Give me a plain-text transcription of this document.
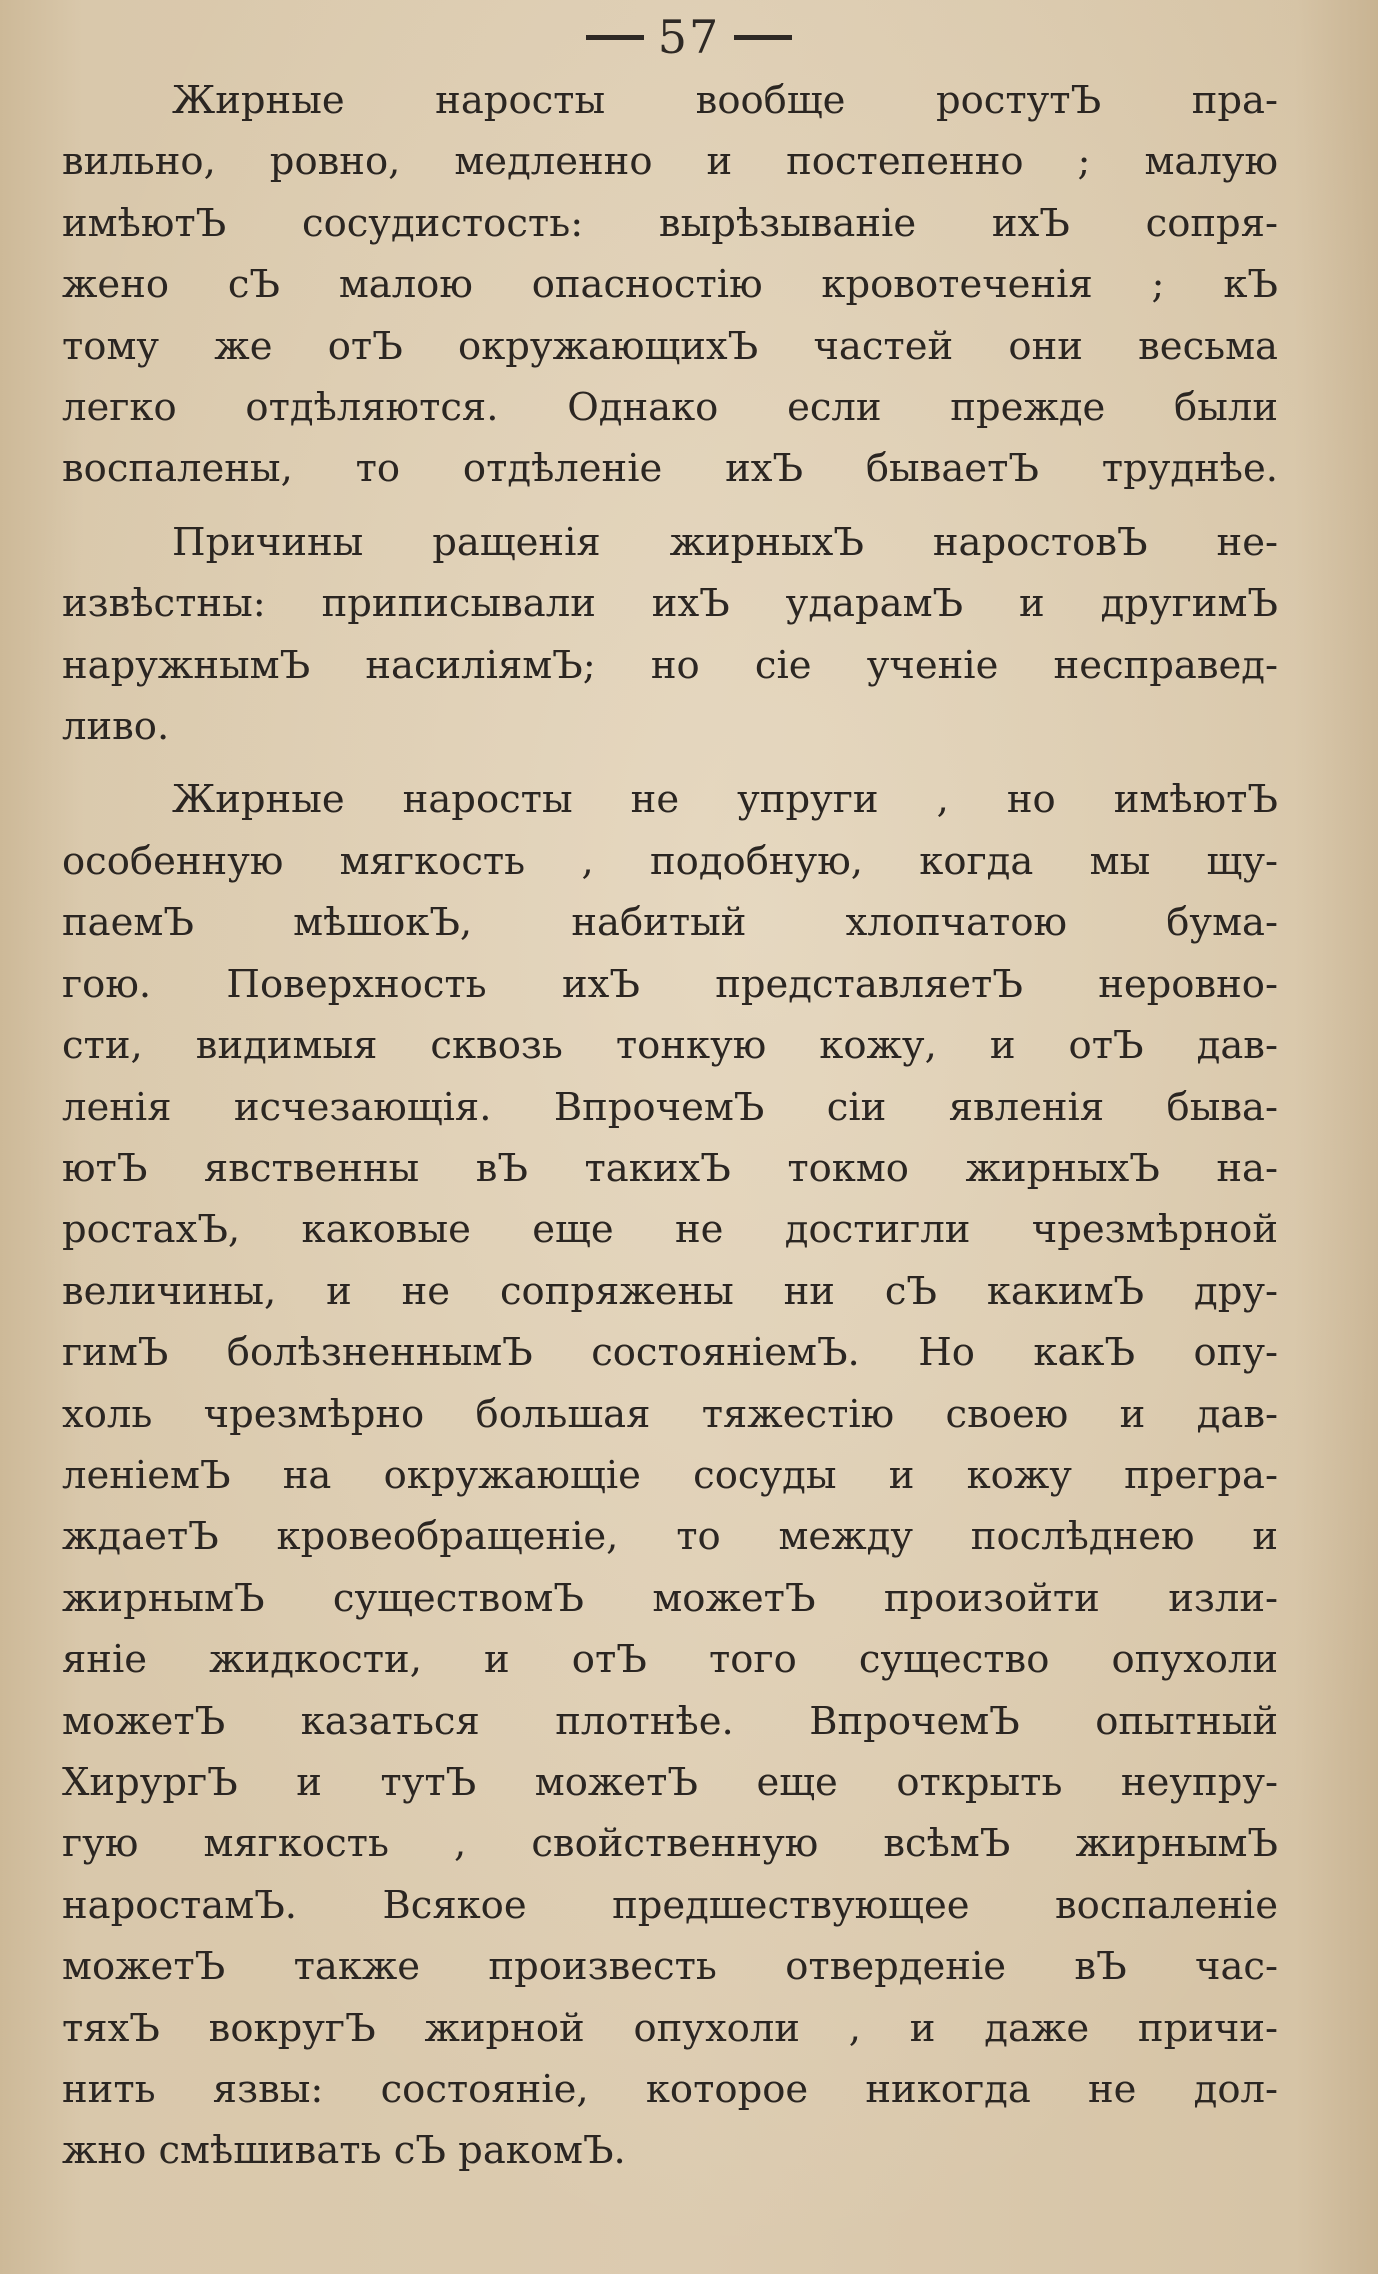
57

Жирные наросты вообще ростутЪ пра-
вильно, ровно, медленно и постепенно ; малую
имѣютЪ сосудистость: вырѣзываніе ихЪ сопря-
жено сЪ малою опасностію кровотеченія ; кЪ
тому же отЪ окружающихЪ частей они весьма
легко отдѣляются. Однако если прежде были
воспалены, то отдѣленіе ихЪ бываетЪ труднѣе.

Причины ращенія жирныхЪ наростовЪ не-
извѣстны: приписывали ихЪ ударамЪ и другимЪ
наружнымЪ насиліямЪ; но сіе ученіе несправед-
ливо.

Жирные наросты не упруги , но имѣютЪ
особенную мягкость , подобную, когда мы щу-
паемЪ мѣшокЪ, набитый хлопчатою бума-
гою. Поверхность ихЪ представляетЪ неровно-
сти, видимыя сквозь тонкую кожу, и отЪ дав-
ленія исчезающія. ВпрочемЪ сіи явленія быва-
ютЪ явственны вЪ такихЪ токмо жирныхЪ на-
ростахЪ, каковые еще не достигли чрезмѣрной
величины, и не сопряжены ни сЪ какимЪ дру-
гимЪ болѣзненнымЪ состояніемЪ. Но какЪ опу-
холь чрезмѣрно большая тяжестію своею и дав-
леніемЪ на окружающіе сосуды и кожу прегра-
ждаетЪ кровеобращеніе, то между послѣднею и
жирнымЪ существомЪ можетЪ произойти изли-
яніе жидкости, и отЪ того существо опухоли
можетЪ казаться плотнѣе. ВпрочемЪ опытный
ХирургЪ и тутЪ можетЪ еще открыть неупру-
гую мягкость , свойственную всѣмЪ жирнымЪ
наростамЪ. Всякое предшествующее воспаленіе
можетЪ также произвесть отверденіе вЪ час-
тяхЪ вокругЪ жирной опухоли , и даже причи-
нить язвы: состояніе, которое никогда не дол-
жно смѣшивать сЪ ракомЪ.
